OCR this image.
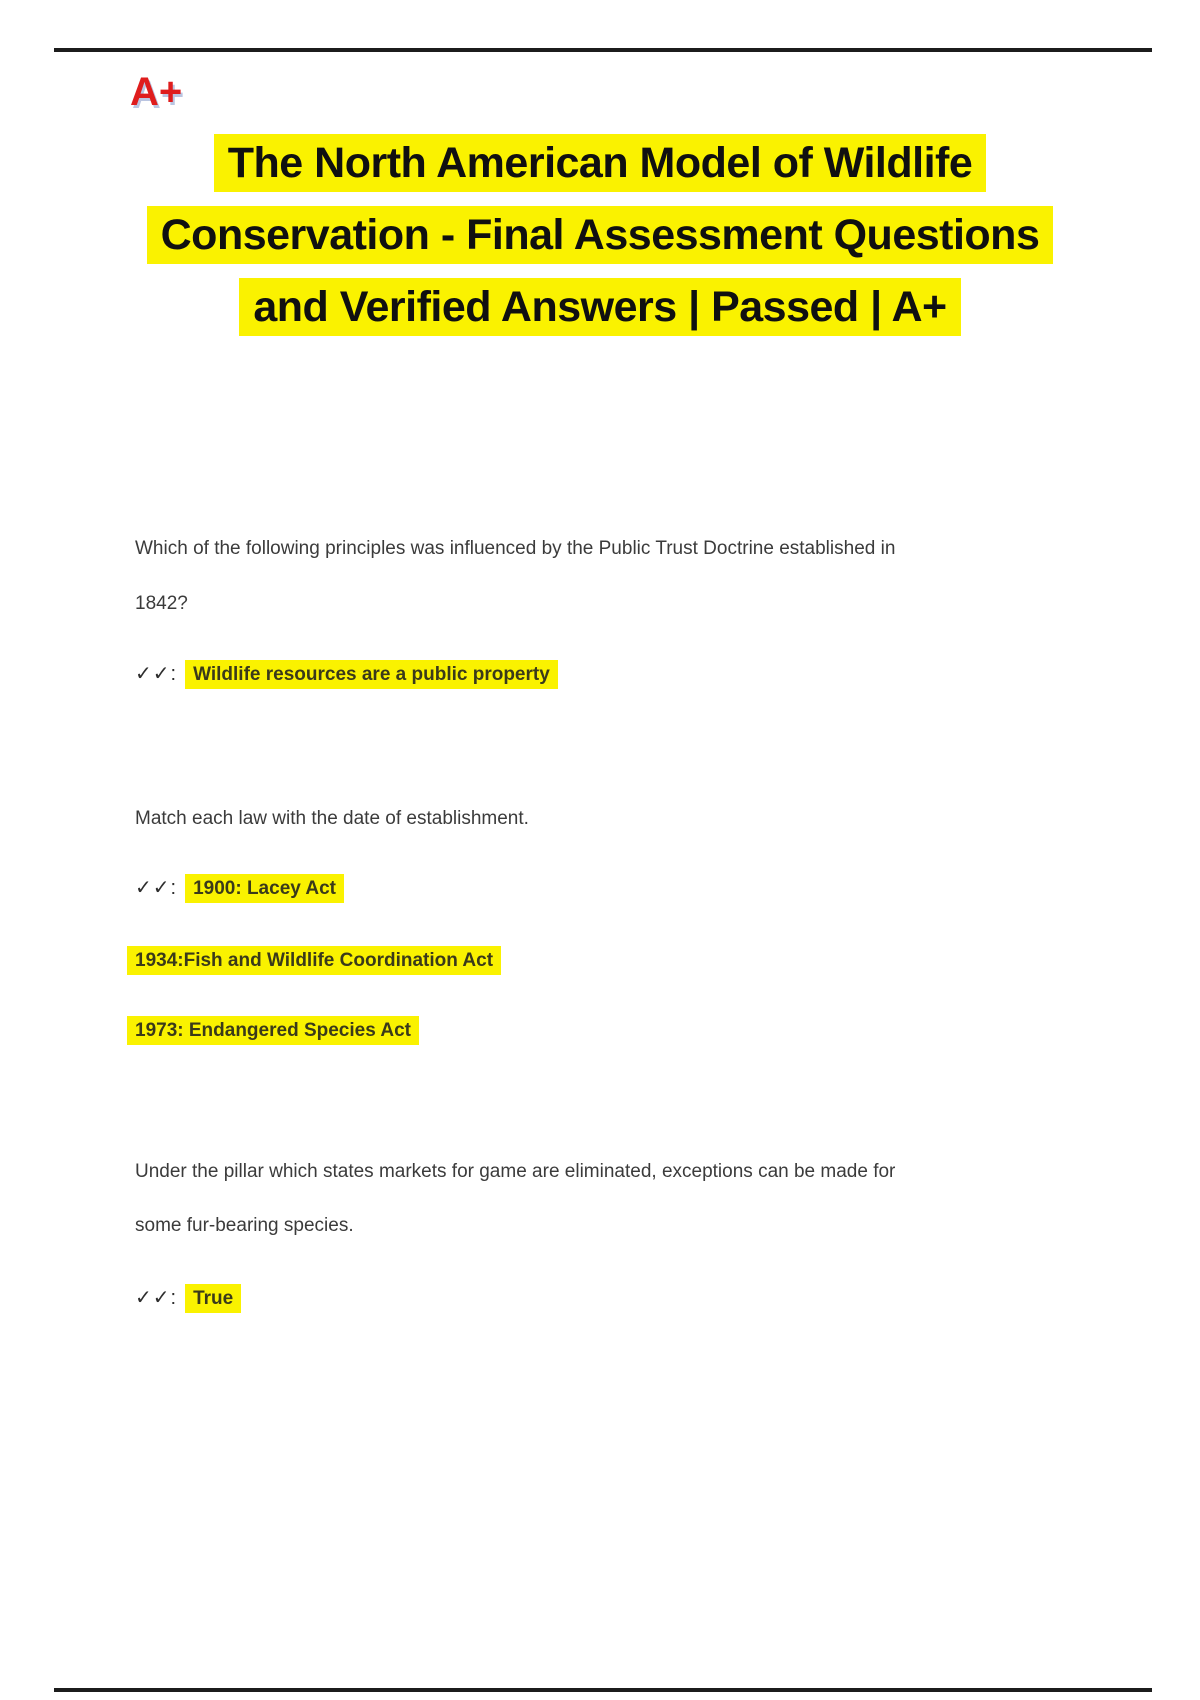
A+
The North American Model of Wildlife
Conservation - Final Assessment Questions
and Verified Answers | Passed | A+
Which of the following principles was influenced by the Public Trust Doctrine established in
1842?
✓✓: Wildlife resources are a public property
Match each law with the date of establishment.
✓✓: 1900: Lacey Act
1934:Fish and Wildlife Coordination Act
1973: Endangered Species Act
Under the pillar which states markets for game are eliminated, exceptions can be made for
some fur-bearing species.
✓✓: True
